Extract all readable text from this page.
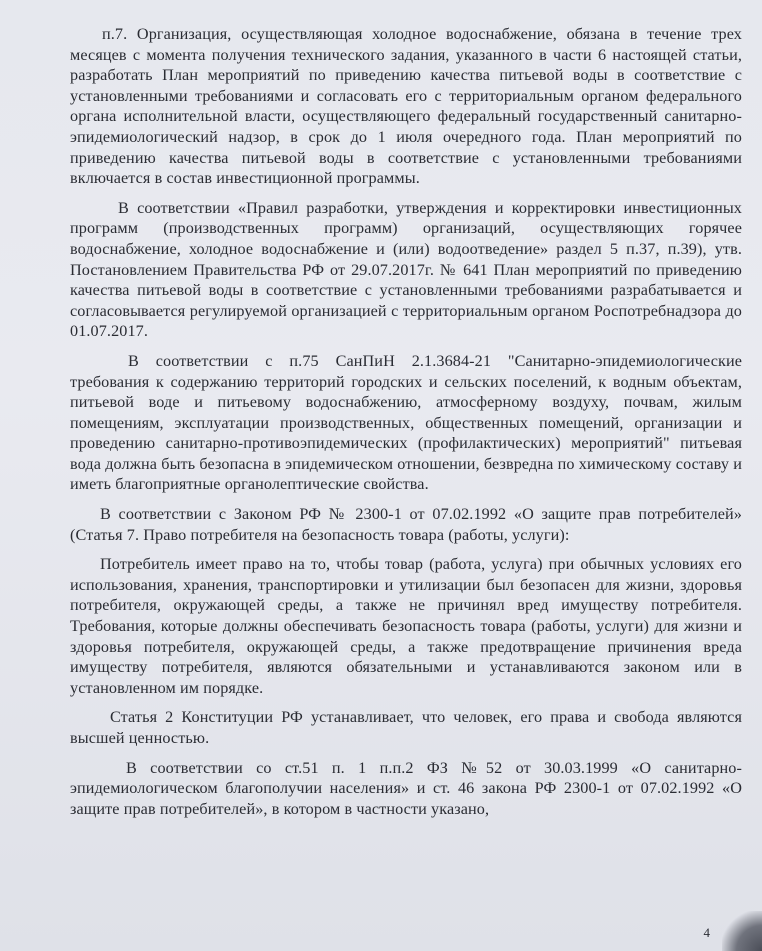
п.7. Организация, осуществляющая холодное водоснабжение, обязана в течение трех месяцев с момента получения технического задания, указанного в части 6 настоящей статьи, разработать План мероприятий по приведению качества питьевой воды в соответствие с установленными требованиями и согласовать его с территориальным органом федерального органа исполнительной власти, осуществляющего федеральный государственный санитарно-эпидемиологический надзор, в срок до 1 июля очередного года. План мероприятий по приведению качества питьевой воды в соответствие с установленными требованиями включается в состав инвестиционной программы.

В соответствии «Правил разработки, утверждения и корректировки инвестиционных программ (производственных программ) организаций, осуществляющих горячее водоснабжение, холодное водоснабжение и (или) водоотведение» раздел 5 п.37, п.39), утв. Постановлением Правительства РФ от 29.07.2017г. № 641 План мероприятий по приведению качества питьевой воды в соответствие с установленными требованиями разрабатывается и согласовывается регулируемой организацией с территориальным органом Роспотребнадзора до 01.07.2017.

В соответствии с п.75 СанПиН 2.1.3684-21 "Санитарно-эпидемиологические требования к содержанию территорий городских и сельских поселений, к водным объектам, питьевой воде и питьевому водоснабжению, атмосферному воздуху, почвам, жилым помещениям, эксплуатации производственных, общественных помещений, организации и проведению санитарно-противоэпидемических (профилактических) мероприятий" питьевая вода должна быть безопасна в эпидемическом отношении, безвредна по химическому составу и иметь благоприятные органолептические свойства.

В соответствии с Законом РФ № 2300-1 от 07.02.1992 «О защите прав потребителей» (Статья 7. Право потребителя на безопасность товара (работы, услуги):

Потребитель имеет право на то, чтобы товар (работа, услуга) при обычных условиях его использования, хранения, транспортировки и утилизации был безопасен для жизни, здоровья потребителя, окружающей среды, а также не причинял вред имуществу потребителя. Требования, которые должны обеспечивать безопасность товара (работы, услуги) для жизни и здоровья потребителя, окружающей среды, а также предотвращение причинения вреда имуществу потребителя, являются обязательными и устанавливаются законом или в установленном им порядке.

Статья 2 Конституции РФ устанавливает, что человек, его права и свобода являются высшей ценностью.

В соответствии со ст.51 п. 1 п.п.2 ФЗ №52 от 30.03.1999 «О санитарно-эпидемиологическом благополучии населения» и ст. 46 закона РФ 2300-1 от 07.02.1992 «О защите прав потребителей», в котором в частности указано,

4
